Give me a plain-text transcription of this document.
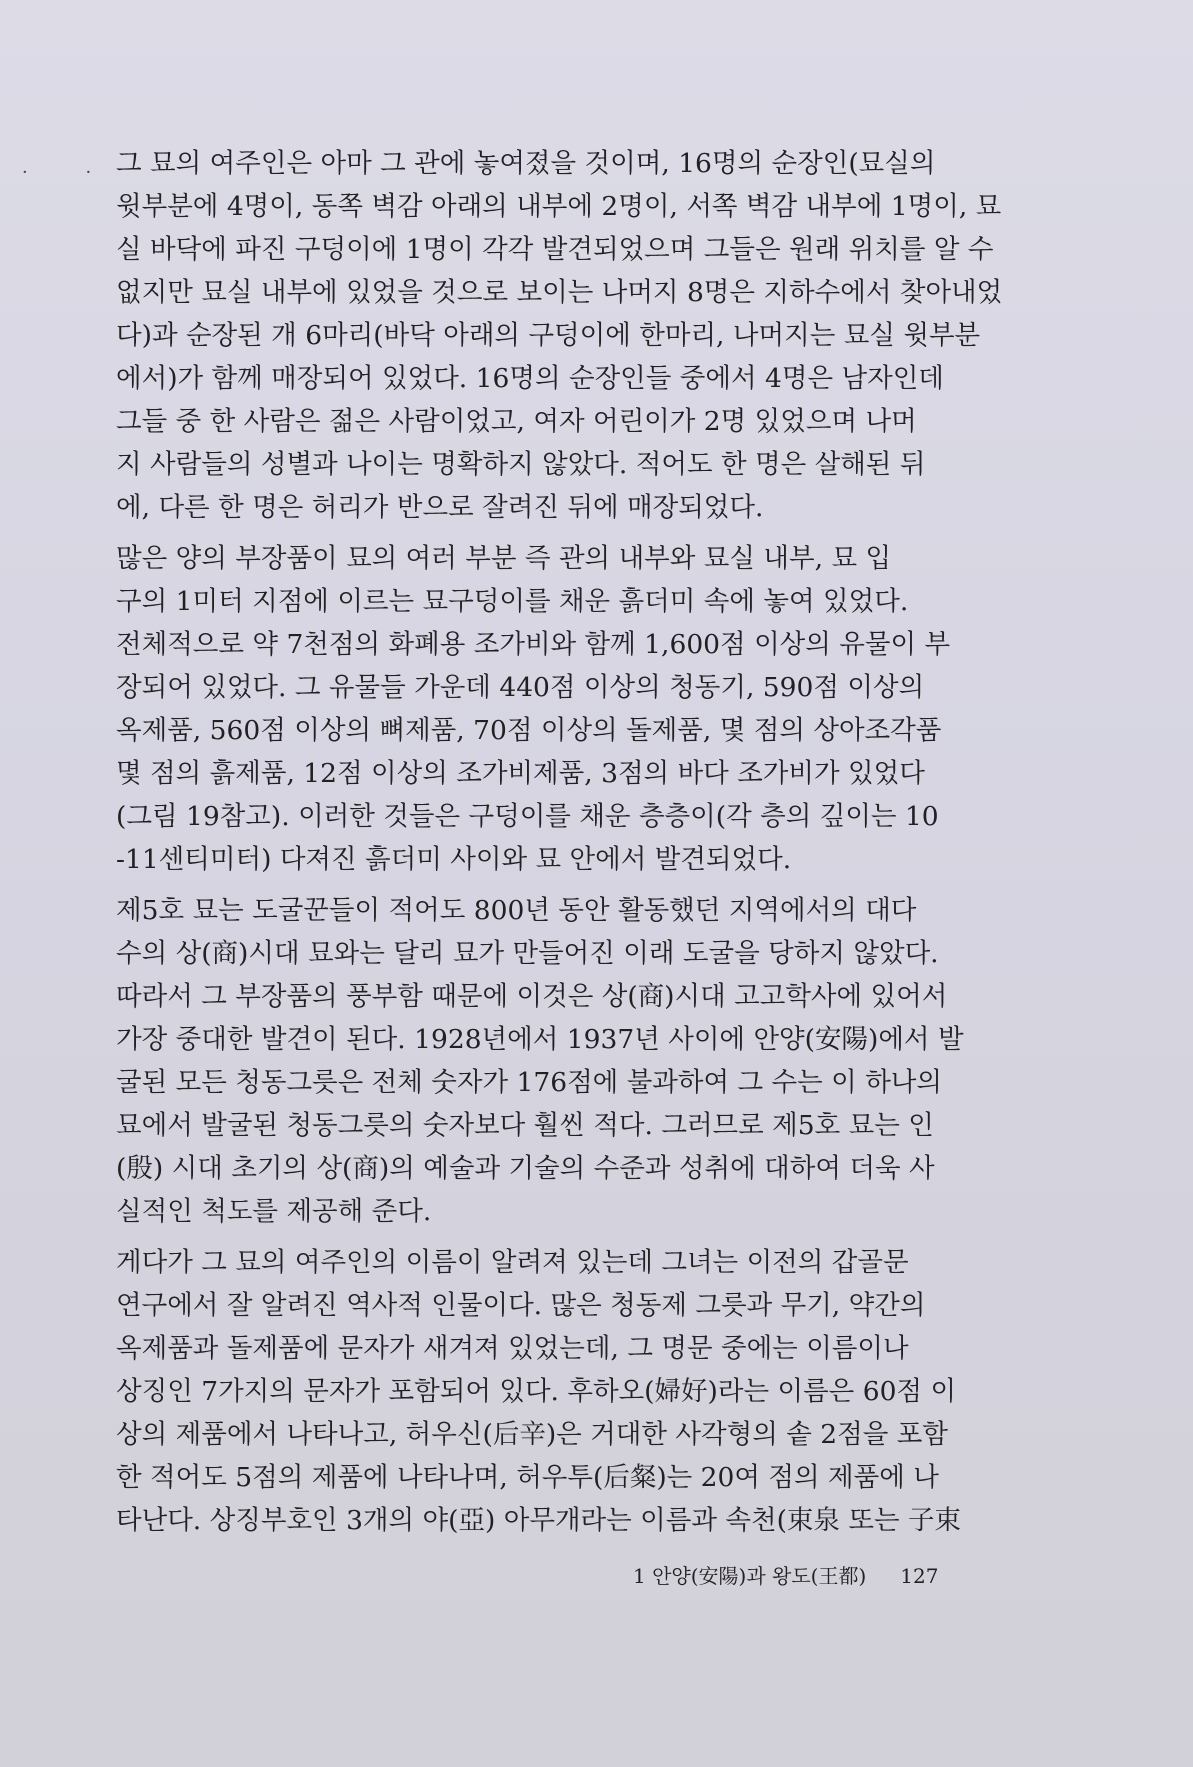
· ·
그 묘의 여주인은 아마 그 관에 놓여졌을 것이며, 16명의 순장인(묘실의
윗부분에 4명이, 동쪽 벽감 아래의 내부에 2명이, 서쪽 벽감 내부에 1명이, 묘
실 바닥에 파진 구덩이에 1명이 각각 발견되었으며 그들은 원래 위치를 알 수
없지만 묘실 내부에 있었을 것으로 보이는 나머지 8명은 지하수에서 찾아내었
다)과 순장된 개 6마리(바닥 아래의 구덩이에 한마리, 나머지는 묘실 윗부분
에서)가 함께 매장되어 있었다. 16명의 순장인들 중에서 4명은 남자인데
그들 중 한 사람은 젊은 사람이었고, 여자 어린이가 2명 있었으며 나머
지 사람들의 성별과 나이는 명확하지 않았다. 적어도 한 명은 살해된 뒤
에, 다른 한 명은 허리가 반으로 잘려진 뒤에 매장되었다.
많은 양의 부장품이 묘의 여러 부분 즉 관의 내부와 묘실 내부, 묘 입
구의 1미터 지점에 이르는 묘구덩이를 채운 흙더미 속에 놓여 있었다.
전체적으로 약 7천점의 화폐용 조가비와 함께 1,600점 이상의 유물이 부
장되어 있었다. 그 유물들 가운데 440점 이상의 청동기, 590점 이상의
옥제품, 560점 이상의 뼈제품, 70점 이상의 돌제품, 몇 점의 상아조각품
몇 점의 흙제품, 12점 이상의 조가비제품, 3점의 바다 조가비가 있었다
(그림 19참고). 이러한 것들은 구덩이를 채운 층층이(각 층의 깊이는 10
-11센티미터) 다져진 흙더미 사이와 묘 안에서 발견되었다.
제5호 묘는 도굴꾼들이 적어도 800년 동안 활동했던 지역에서의 대다
수의 상(商)시대 묘와는 달리 묘가 만들어진 이래 도굴을 당하지 않았다.
따라서 그 부장품의 풍부함 때문에 이것은 상(商)시대 고고학사에 있어서
가장 중대한 발견이 된다. 1928년에서 1937년 사이에 안양(安陽)에서 발
굴된 모든 청동그릇은 전체 숫자가 176점에 불과하여 그 수는 이 하나의
묘에서 발굴된 청동그릇의 숫자보다 훨씬 적다. 그러므로 제5호 묘는 인
(殷) 시대 초기의 상(商)의 예술과 기술의 수준과 성취에 대하여 더욱 사
실적인 척도를 제공해 준다.
게다가 그 묘의 여주인의 이름이 알려져 있는데 그녀는 이전의 갑골문
연구에서 잘 알려진 역사적 인물이다. 많은 청동제 그릇과 무기, 약간의
옥제품과 돌제품에 문자가 새겨져 있었는데, 그 명문 중에는 이름이나
상징인 7가지의 문자가 포함되어 있다. 후하오(婦好)라는 이름은 60점 이
상의 제품에서 나타나고, 허우신(后辛)은 거대한 사각형의 솥 2점을 포함
한 적어도 5점의 제품에 나타나며, 허우투(后粲)는 20여 점의 제품에 나
타난다. 상징부호인 3개의 야(亞) 아무개라는 이름과 속천(束泉 또는 子束
1 안양(安陽)과 왕도(王都) 127
